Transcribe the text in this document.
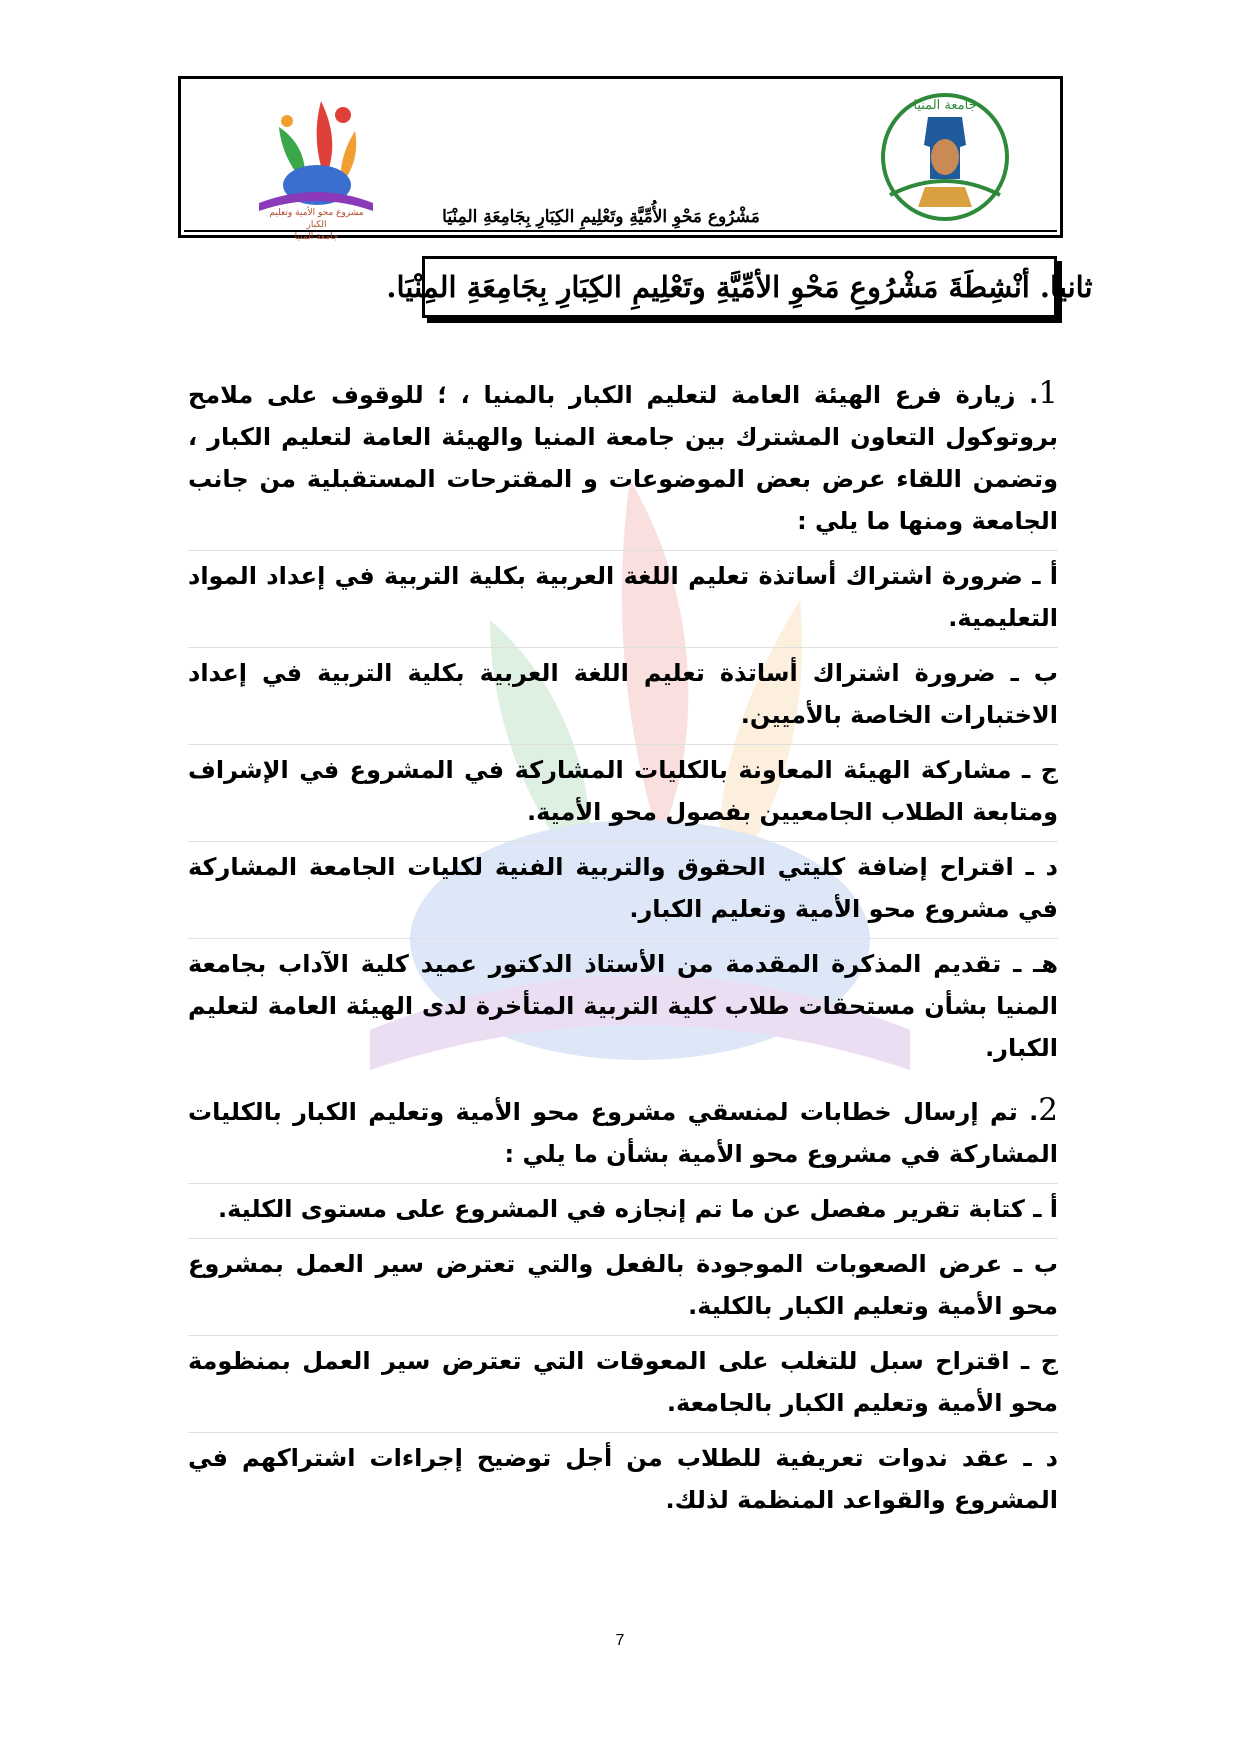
مشروع محو الأمية وتعليم الكبار
جامعة المنيا
مَشْرُوع مَحْوِ الأُمِّيَّةِ وتَعْلِيمِ الكِبَارِ بِجَامِعَةِ المِنْيَا
جامعة المنيا
ثانيا. أنْشِطَةَ مَشْرُوعِ مَحْوِ الأمِّيَّةِ وتَعْلِيمِ الكِبَارِ بِجَامِعَةِ المِنْيَا.

1. زيارة فرع الهيئة العامة لتعليم الكبار بالمنيا ، ؛ للوقوف على ملامح بروتوكول التعاون المشترك بين جامعة المنيا والهيئة العامة لتعليم الكبار ، وتضمن اللقاء عرض بعض الموضوعات و المقترحات المستقبلية من جانب الجامعة ومنها ما يلي :

أ ـ ضرورة اشتراك أساتذة تعليم اللغة العربية بكلية التربية في إعداد المواد التعليمية.

ب ـ ضرورة اشتراك أساتذة تعليم اللغة العربية بكلية التربية في إعداد الاختبارات الخاصة بالأميين.

ج ـ مشاركة الهيئة المعاونة بالكليات المشاركة في المشروع في الإشراف ومتابعة الطلاب الجامعيين بفصول محو الأمية.

د ـ اقتراح إضافة كليتي الحقوق والتربية الفنية لكليات الجامعة المشاركة في مشروع محو الأمية وتعليم الكبار.

هـ ـ تقديم المذكرة المقدمة من الأستاذ الدكتور عميد كلية الآداب بجامعة المنيا بشأن مستحقات طلاب كلية التربية المتأخرة لدى الهيئة العامة لتعليم الكبار.

2. تم إرسال خطابات لمنسقي مشروع محو الأمية وتعليم الكبار بالكليات المشاركة في مشروع محو الأمية بشأن ما يلي :

أ ـ كتابة تقرير مفصل عن ما تم إنجازه في المشروع على مستوى الكلية.

ب ـ عرض الصعوبات الموجودة بالفعل والتي تعترض سير العمل بمشروع محو الأمية وتعليم الكبار بالكلية.

ج ـ اقتراح سبل للتغلب على المعوقات التي تعترض سير العمل بمنظومة محو الأمية وتعليم الكبار بالجامعة.

د ـ عقد ندوات تعريفية للطلاب من أجل توضيح إجراءات اشتراكهم في المشروع والقواعد المنظمة لذلك.

7
